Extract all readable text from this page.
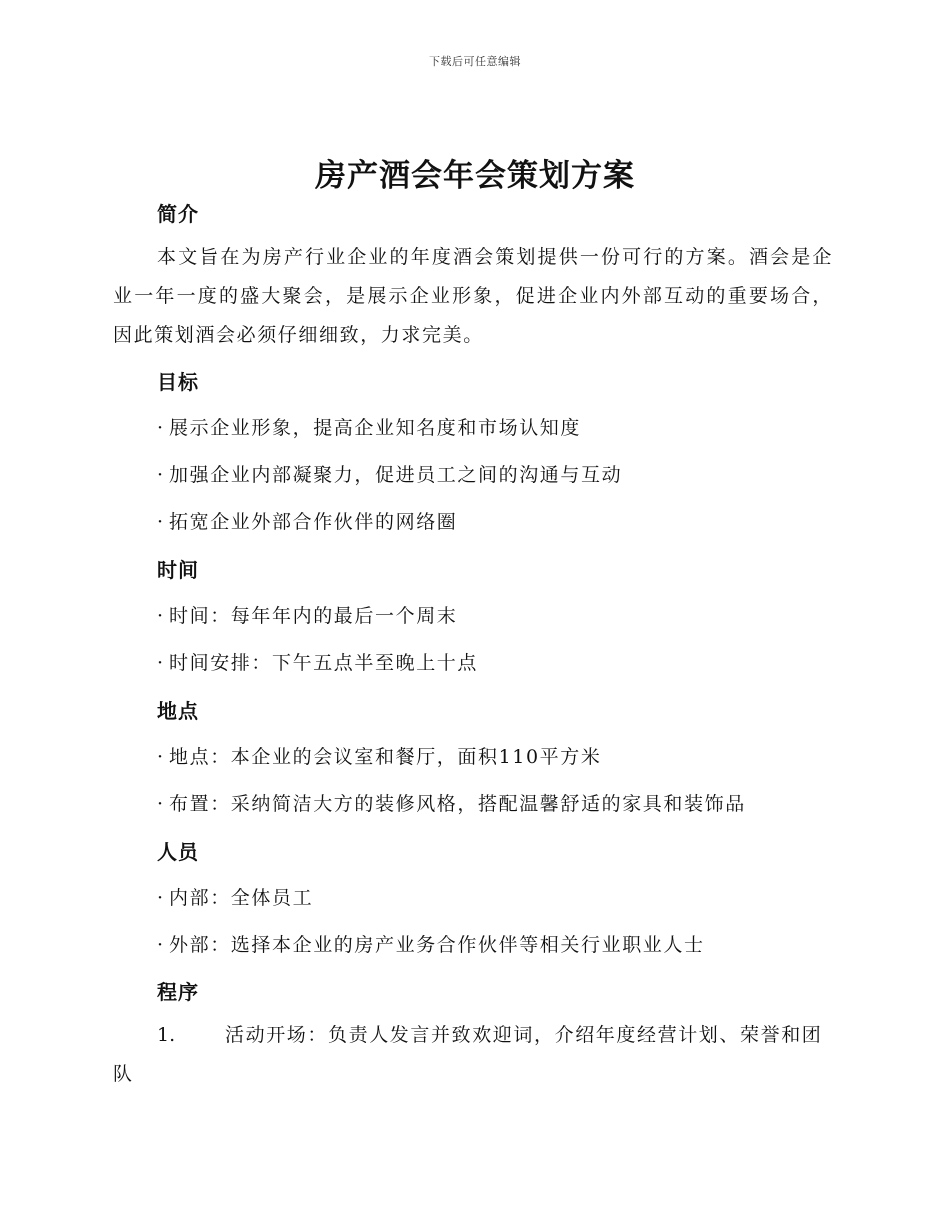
下载后可任意编辑
房产酒会年会策划方案
简介

本文旨在为房产行业企业的年度酒会策划提供一份可行的方案。酒会是企业一年一度的盛大聚会，是展示企业形象，促进企业内外部互动的重要场合，因此策划酒会必须仔细细致，力求完美。

目标

· 展示企业形象，提高企业知名度和市场认知度

· 加强企业内部凝聚力，促进员工之间的沟通与互动

· 拓宽企业外部合作伙伴的网络圈

时间

· 时间：每年年内的最后一个周末

· 时间安排：下午五点半至晚上十点

地点

· 地点：本企业的会议室和餐厅，面积110平方米

· 布置：采纳简洁大方的装修风格，搭配温馨舒适的家具和装饰品

人员

· 内部：全体员工

· 外部：选择本企业的房产业务合作伙伴等相关行业职业人士

程序

1.	活动开场：负责人发言并致欢迎词，介绍年度经营计划、荣誉和团队
